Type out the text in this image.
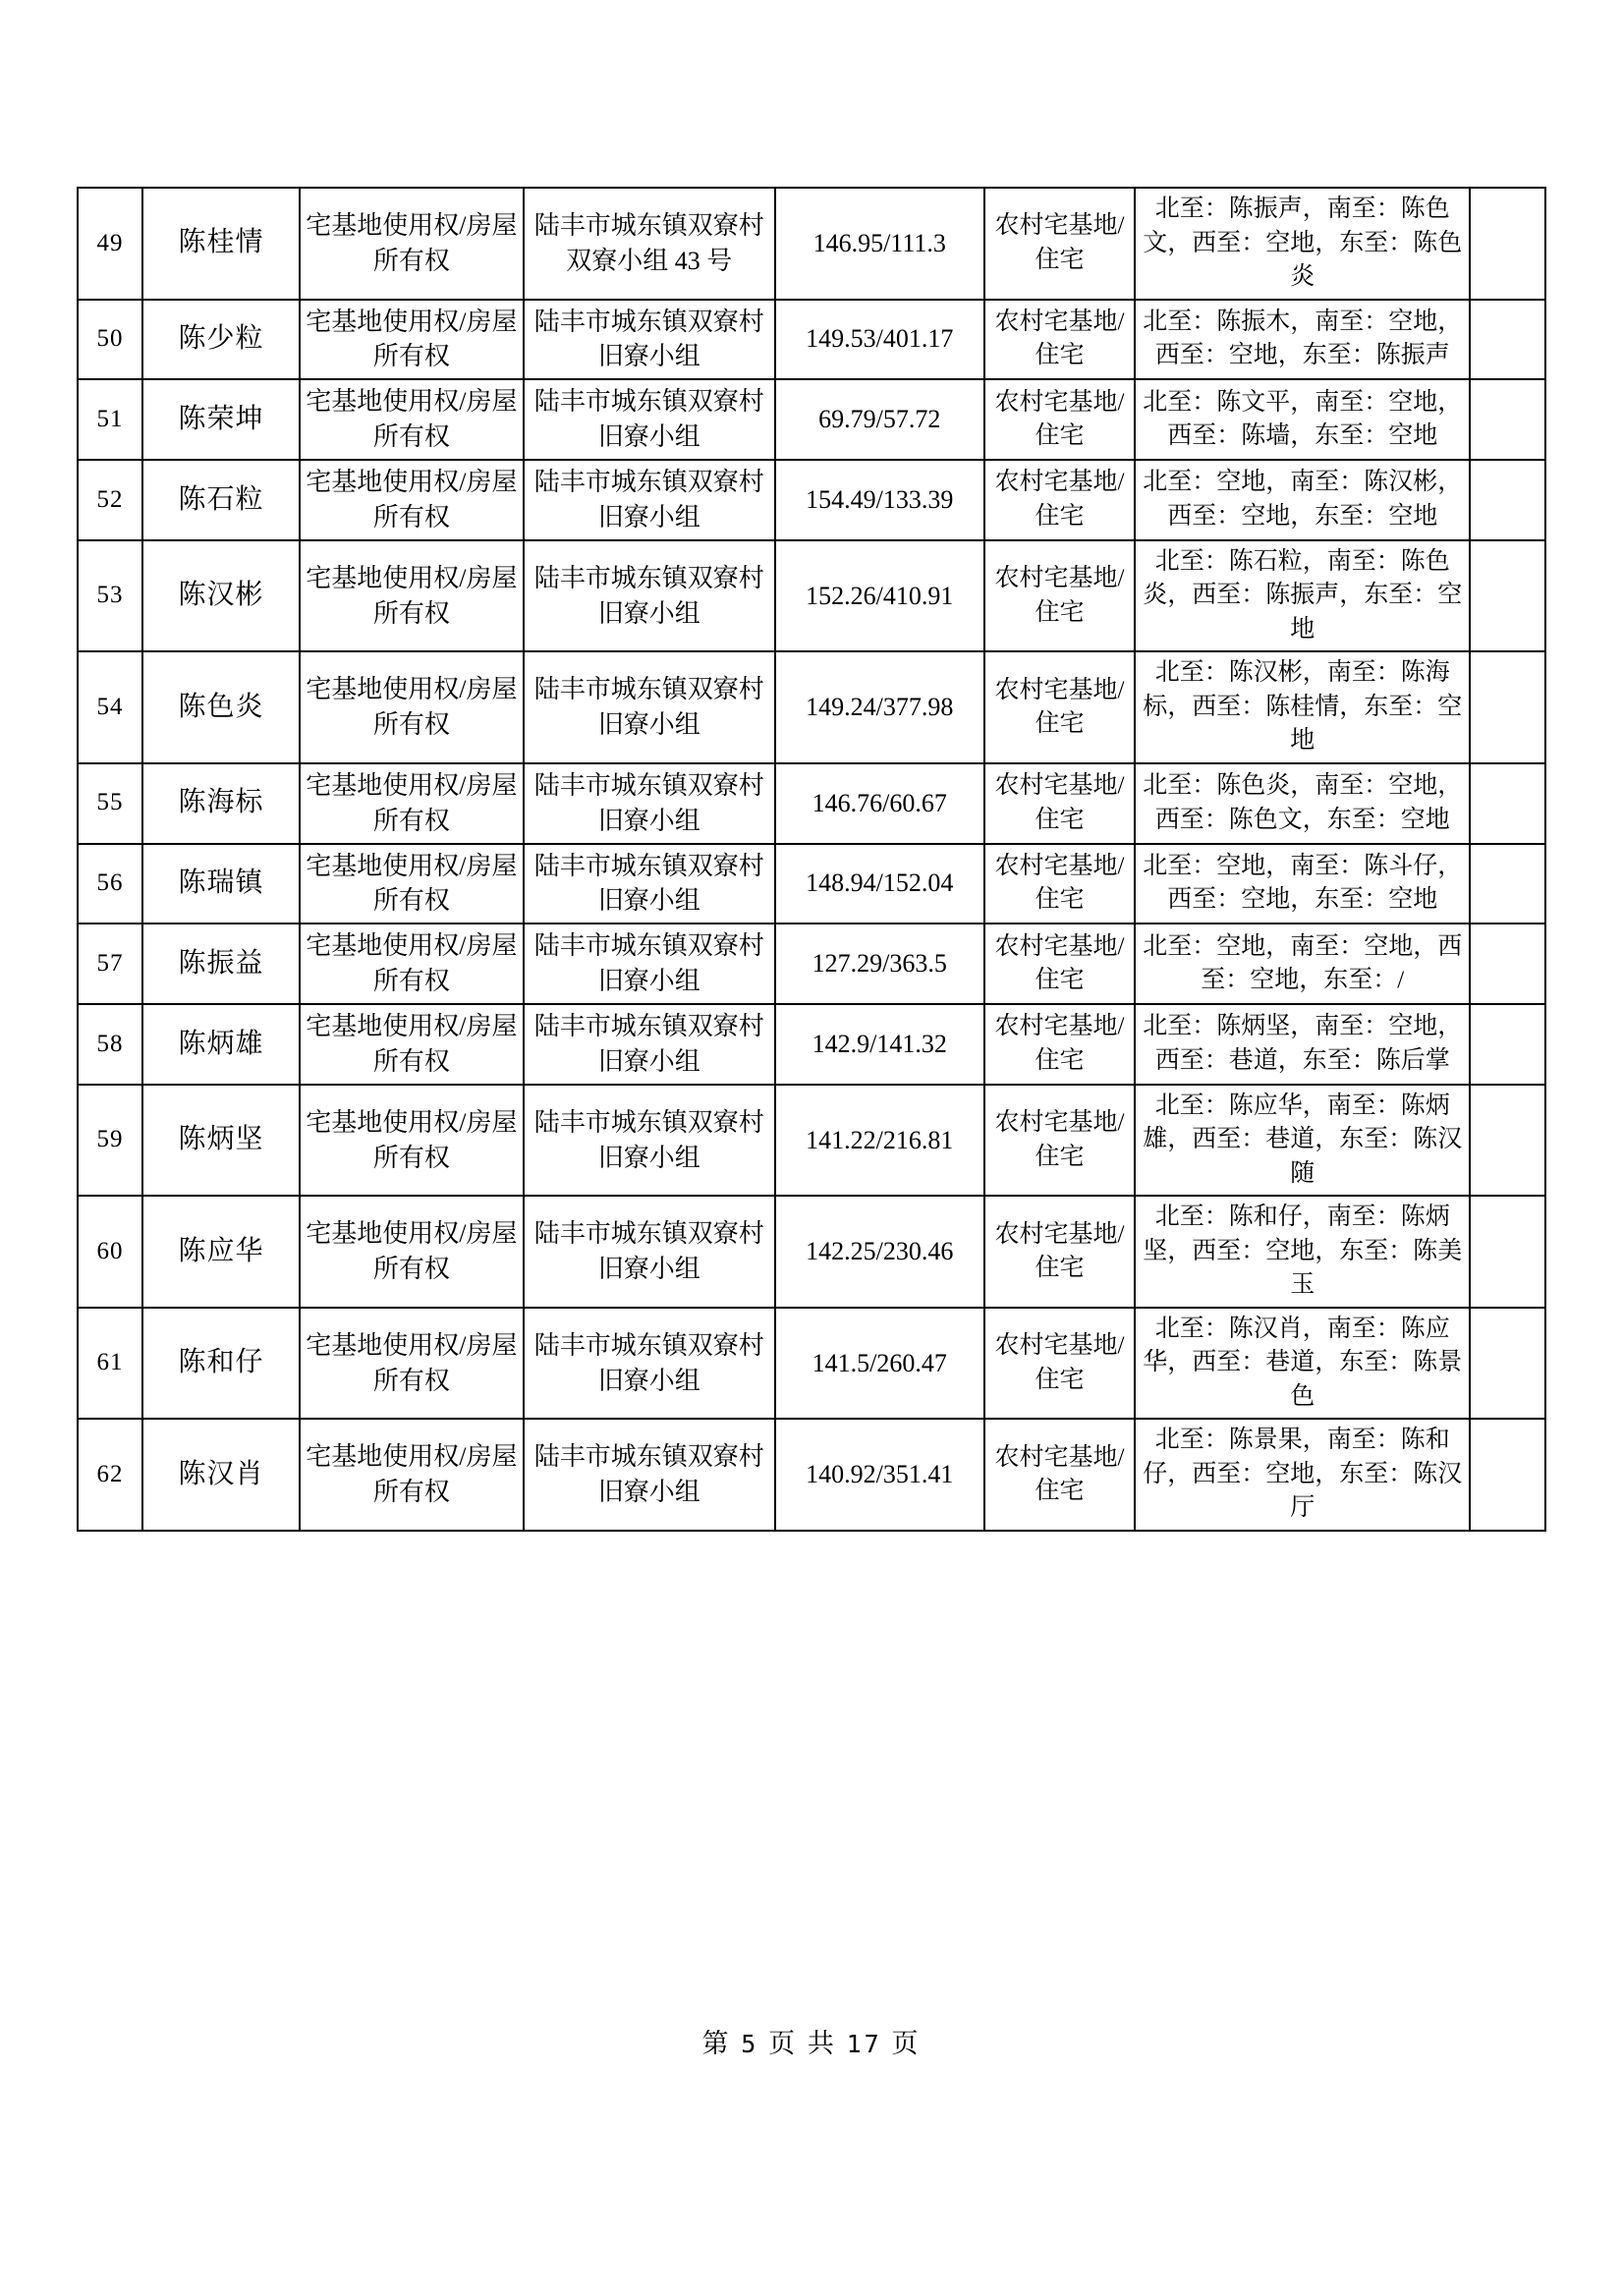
49	陈桂情	宅基地使用权/房屋所有权	陆丰市城东镇双寮村双寮小组 43 号	146.95/111.3	农村宅基地/住宅	北至：陈振声，南至：陈色文，西至：空地，东至：陈色炎	
50	陈少粒	宅基地使用权/房屋所有权	陆丰市城东镇双寮村旧寮小组	149.53/401.17	农村宅基地/住宅	北至：陈振木，南至：空地，西至：空地，东至：陈振声	
51	陈荣坤	宅基地使用权/房屋所有权	陆丰市城东镇双寮村旧寮小组	69.79/57.72	农村宅基地/住宅	北至：陈文平，南至：空地，西至：陈墙，东至：空地	
52	陈石粒	宅基地使用权/房屋所有权	陆丰市城东镇双寮村旧寮小组	154.49/133.39	农村宅基地/住宅	北至：空地，南至：陈汉彬，西至：空地，东至：空地	
53	陈汉彬	宅基地使用权/房屋所有权	陆丰市城东镇双寮村旧寮小组	152.26/410.91	农村宅基地/住宅	北至：陈石粒，南至：陈色炎，西至：陈振声，东至：空地	
54	陈色炎	宅基地使用权/房屋所有权	陆丰市城东镇双寮村旧寮小组	149.24/377.98	农村宅基地/住宅	北至：陈汉彬，南至：陈海标，西至：陈桂情，东至：空地	
55	陈海标	宅基地使用权/房屋所有权	陆丰市城东镇双寮村旧寮小组	146.76/60.67	农村宅基地/住宅	北至：陈色炎，南至：空地，西至：陈色文，东至：空地	
56	陈瑞镇	宅基地使用权/房屋所有权	陆丰市城东镇双寮村旧寮小组	148.94/152.04	农村宅基地/住宅	北至：空地，南至：陈斗仔，西至：空地，东至：空地	
57	陈振益	宅基地使用权/房屋所有权	陆丰市城东镇双寮村旧寮小组	127.29/363.5	农村宅基地/住宅	北至：空地，南至：空地，西至：空地，东至：/	
58	陈炳雄	宅基地使用权/房屋所有权	陆丰市城东镇双寮村旧寮小组	142.9/141.32	农村宅基地/住宅	北至：陈炳坚，南至：空地，西至：巷道，东至：陈后掌	
59	陈炳坚	宅基地使用权/房屋所有权	陆丰市城东镇双寮村旧寮小组	141.22/216.81	农村宅基地/住宅	北至：陈应华，南至：陈炳雄，西至：巷道，东至：陈汉随	
60	陈应华	宅基地使用权/房屋所有权	陆丰市城东镇双寮村旧寮小组	142.25/230.46	农村宅基地/住宅	北至：陈和仔，南至：陈炳坚，西至：空地，东至：陈美玉	
61	陈和仔	宅基地使用权/房屋所有权	陆丰市城东镇双寮村旧寮小组	141.5/260.47	农村宅基地/住宅	北至：陈汉肖，南至：陈应华，西至：巷道，东至：陈景色	
62	陈汉肖	宅基地使用权/房屋所有权	陆丰市城东镇双寮村旧寮小组	140.92/351.41	农村宅基地/住宅	北至：陈景果，南至：陈和仔，西至：空地，东至：陈汉厅	
第 5 页 共 17 页
